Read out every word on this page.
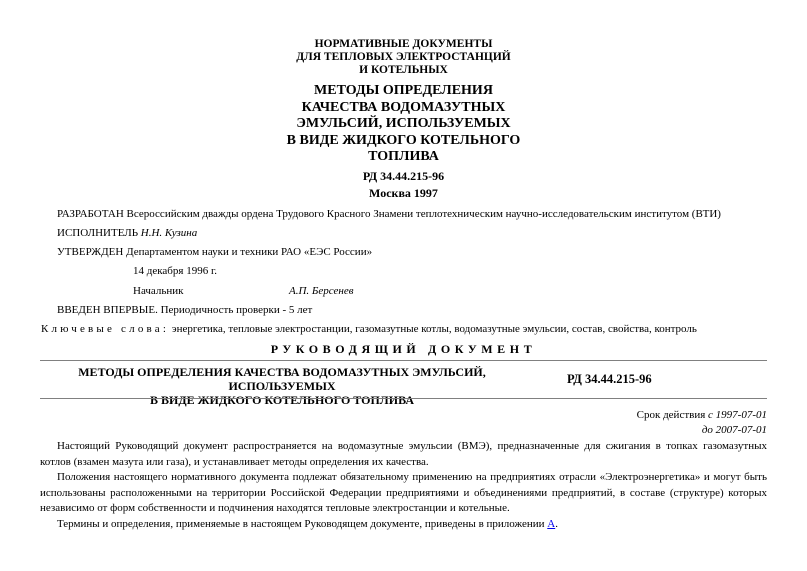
НОРМАТИВНЫЕ ДОКУМЕНТЫ
ДЛЯ ТЕПЛОВЫХ ЭЛЕКТРОСТАНЦИЙ
И КОТЕЛЬНЫХ
МЕТОДЫ ОПРЕДЕЛЕНИЯ
КАЧЕСТВА ВОДОМАЗУТНЫХ
ЭМУЛЬСИЙ, ИСПОЛЬЗУЕМЫХ
В ВИДЕ ЖИДКОГО КОТЕЛЬНОГО
ТОПЛИВА
РД 34.44.215-96
Москва 1997
РАЗРАБОТАН Всероссийским дважды ордена Трудового Красного Знамени теплотехническим научно-исследовательским институтом (ВТИ)
ИСПОЛНИТЕЛЬ Н.Н. Кузина
УТВЕРЖДЕН Департаментом науки и техники РАО «ЕЭС России»
14 декабря 1996 г.
Начальник	А.П. Берсенев
ВВЕДЕН ВПЕРВЫЕ. Периодичность проверки - 5 лет
Ключевые слова: энергетика, тепловые электростанции, газомазутные котлы, водомазутные эмульсии, состав, свойства, контроль
РУКОВОДЯЩИЙ ДОКУМЕНТ
МЕТОДЫ ОПРЕДЕЛЕНИЯ КАЧЕСТВА ВОДОМАЗУТНЫХ ЭМУЛЬСИЙ, ИСПОЛЬЗУЕМЫХ
В ВИДЕ ЖИДКОГО КОТЕЛЬНОГО ТОПЛИВА
РД 34.44.215-96
Срок действия с 1997-07-01
до 2007-07-01

Настоящий Руководящий документ распространяется на водомазутные эмульсии (ВМЭ), предназначенные для сжигания в топках газомазутных котлов (взамен мазута или газа), и устанавливает методы определения их качества.

Положения настоящего нормативного документа подлежат обязательному применению на предприятиях отрасли «Электроэнергетика» и могут быть использованы расположенными на территории Российской Федерации предприятиями и объединениями предприятий, в составе (структуре) которых независимо от форм собственности и подчинения находятся тепловые электростанции и котельные.

Термины и определения, применяемые в настоящем Руководящем документе, приведены в приложении А.
